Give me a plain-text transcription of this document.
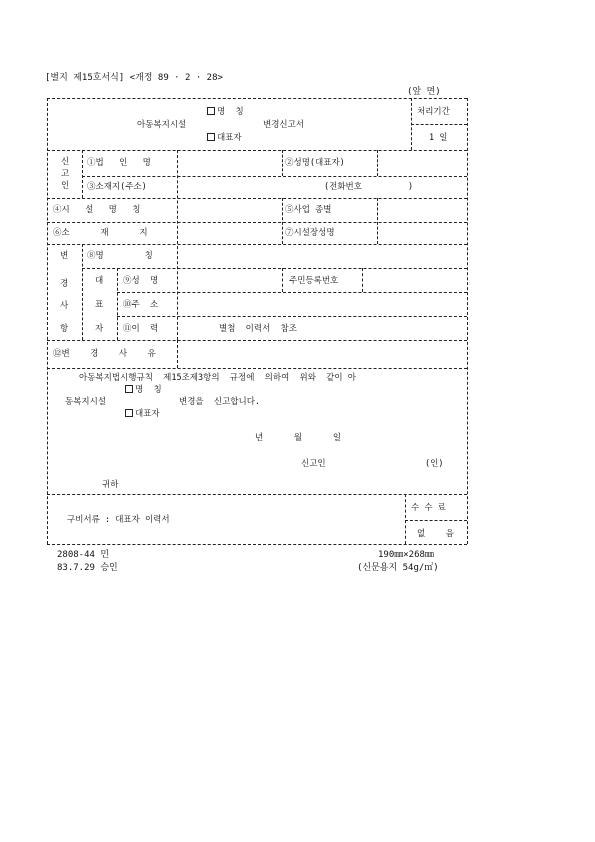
[별지 제15호서식] <개정 89 · 2 · 28>
(앞 면)
명  칭
아동복지시설	변경신고서
대표자
처리기간
1 일
신
고
인
①법   인   명	②성명(대표자)
③소재지(주소)	(전화번호         )
④시   설   명   칭	⑤사업 종별
⑥소      재      지	⑦시설장성명
변
경
사
항
⑧명        칭
대
표
자
⑨성  명	주민등록번호
⑩주  소
⑪이  력	별첨  이력서  참조
⑫변    경    사    유
아동복지법시행규칙  제15조제3항의  규정에  의하여  위와  같이 아
명  칭
동복지시설	변경을  신고합니다.
대표자
년      월      일
신고인	(인)
귀하
구비서류 : 대표자 이력서
수 수 료
없    음
2808-44 민
83.7.29 승인
190㎜×268㎜
(신문용지 54g/㎡)
